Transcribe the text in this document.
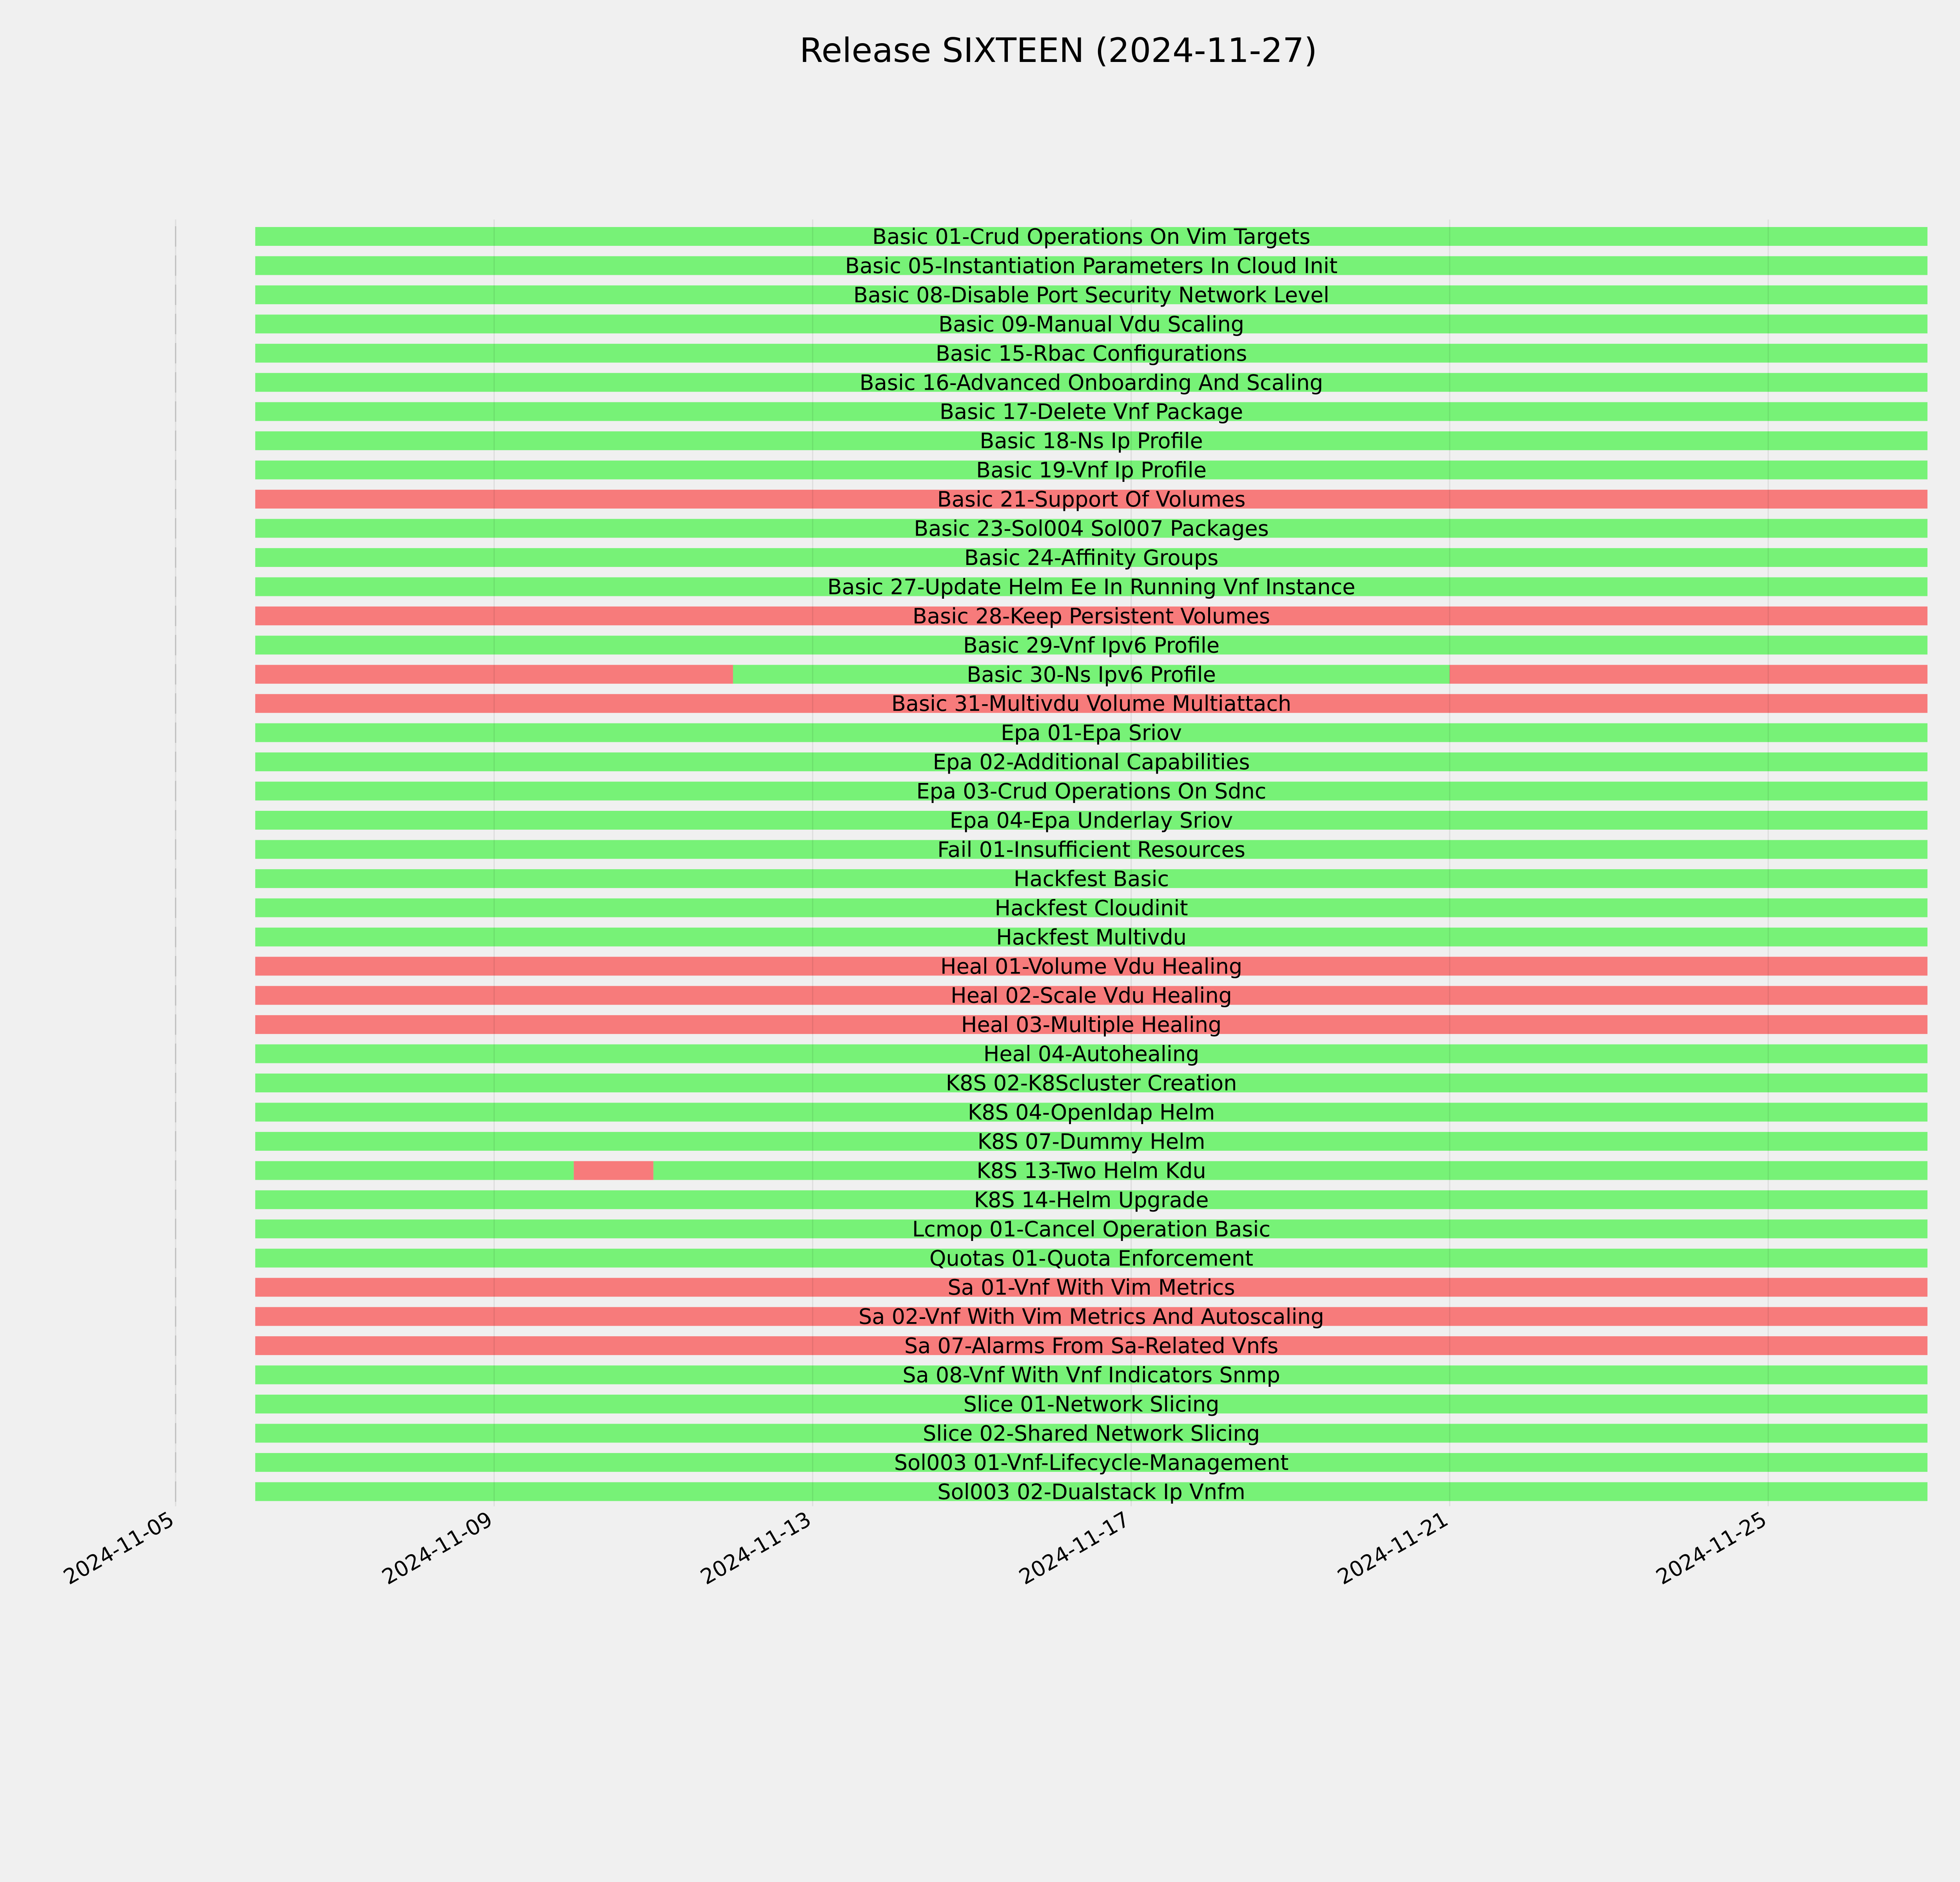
Release SIXTEEN (2024-11-27)
Basic 01-Crud Operations On Vim Targets
Basic 05-Instantiation Parameters In Cloud Init
Basic 08-Disable Port Security Network Level
Basic 09-Manual Vdu Scaling
Basic 15-Rbac Configurations
Basic 16-Advanced Onboarding And Scaling
Basic 17-Delete Vnf Package
Basic 18-Ns Ip Profile
Basic 19-Vnf Ip Profile
Basic 21-Support Of Volumes
Basic 23-Sol004 Sol007 Packages
Basic 24-Affinity Groups
Basic 27-Update Helm Ee In Running Vnf Instance
Basic 28-Keep Persistent Volumes
Basic 29-Vnf Ipv6 Profile
Basic 30-Ns Ipv6 Profile
Basic 31-Multivdu Volume Multiattach
Epa 01-Epa Sriov
Epa 02-Additional Capabilities
Epa 03-Crud Operations On Sdnc
Epa 04-Epa Underlay Sriov
Fail 01-Insufficient Resources
Hackfest Basic
Hackfest Cloudinit
Hackfest Multivdu
Heal 01-Volume Vdu Healing
Heal 02-Scale Vdu Healing
Heal 03-Multiple Healing
Heal 04-Autohealing
K8S 02-K8Scluster Creation
K8S 04-Openldap Helm
K8S 07-Dummy Helm
K8S 13-Two Helm Kdu
K8S 14-Helm Upgrade
Lcmop 01-Cancel Operation Basic
Quotas 01-Quota Enforcement
Sa 01-Vnf With Vim Metrics
Sa 02-Vnf With Vim Metrics And Autoscaling
Sa 07-Alarms From Sa-Related Vnfs
Sa 08-Vnf With Vnf Indicators Snmp
Slice 01-Network Slicing
Slice 02-Shared Network Slicing
Sol003 01-Vnf-Lifecycle-Management
Sol003 02-Dualstack Ip Vnfm
2024-11-05	2024-11-09	2024-11-13	2024-11-17	2024-11-21	2024-11-25
